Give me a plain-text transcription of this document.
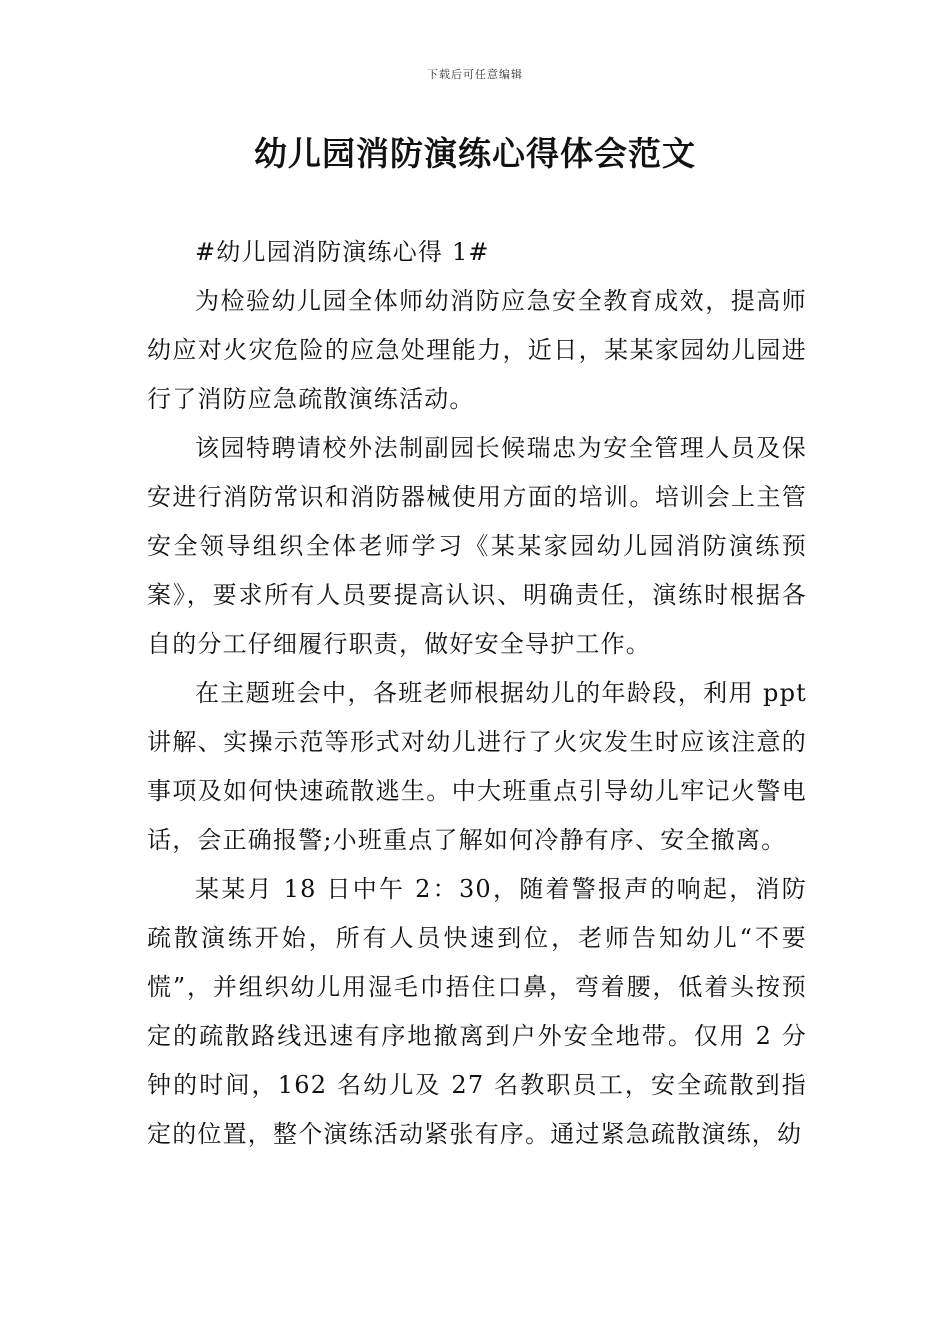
下载后可任意编辑
幼儿园消防演练心得体会范文

#幼儿园消防演练心得 1#

为检验幼儿园全体师幼消防应急安全教育成效，提高师幼应对火灾危险的应急处理能力，近日，某某家园幼儿园进行了消防应急疏散演练活动。

该园特聘请校外法制副园长候瑞忠为安全管理人员及保安进行消防常识和消防器械使用方面的培训。培训会上主管安全领导组织全体老师学习《某某家园幼儿园消防演练预案》，要求所有人员要提高认识、明确责任，演练时根据各自的分工仔细履行职责，做好安全导护工作。

在主题班会中，各班老师根据幼儿的年龄段，利用 ppt 讲解、实操示范等形式对幼儿进行了火灾发生时应该注意的事项及如何快速疏散逃生。中大班重点引导幼儿牢记火警电话，会正确报警;小班重点了解如何冷静有序、安全撤离。

某某月 18 日中午 2：30，随着警报声的响起，消防疏散演练开始，所有人员快速到位，老师告知幼儿“不要慌”，并组织幼儿用湿毛巾捂住口鼻，弯着腰，低着头按预定的疏散路线迅速有序地撤离到户外安全地带。仅用 2 分钟的时间，162 名幼儿及 27 名教职员工，安全疏散到指定的位置，整个演练活动紧张有序。通过紧急疏散演练，幼
